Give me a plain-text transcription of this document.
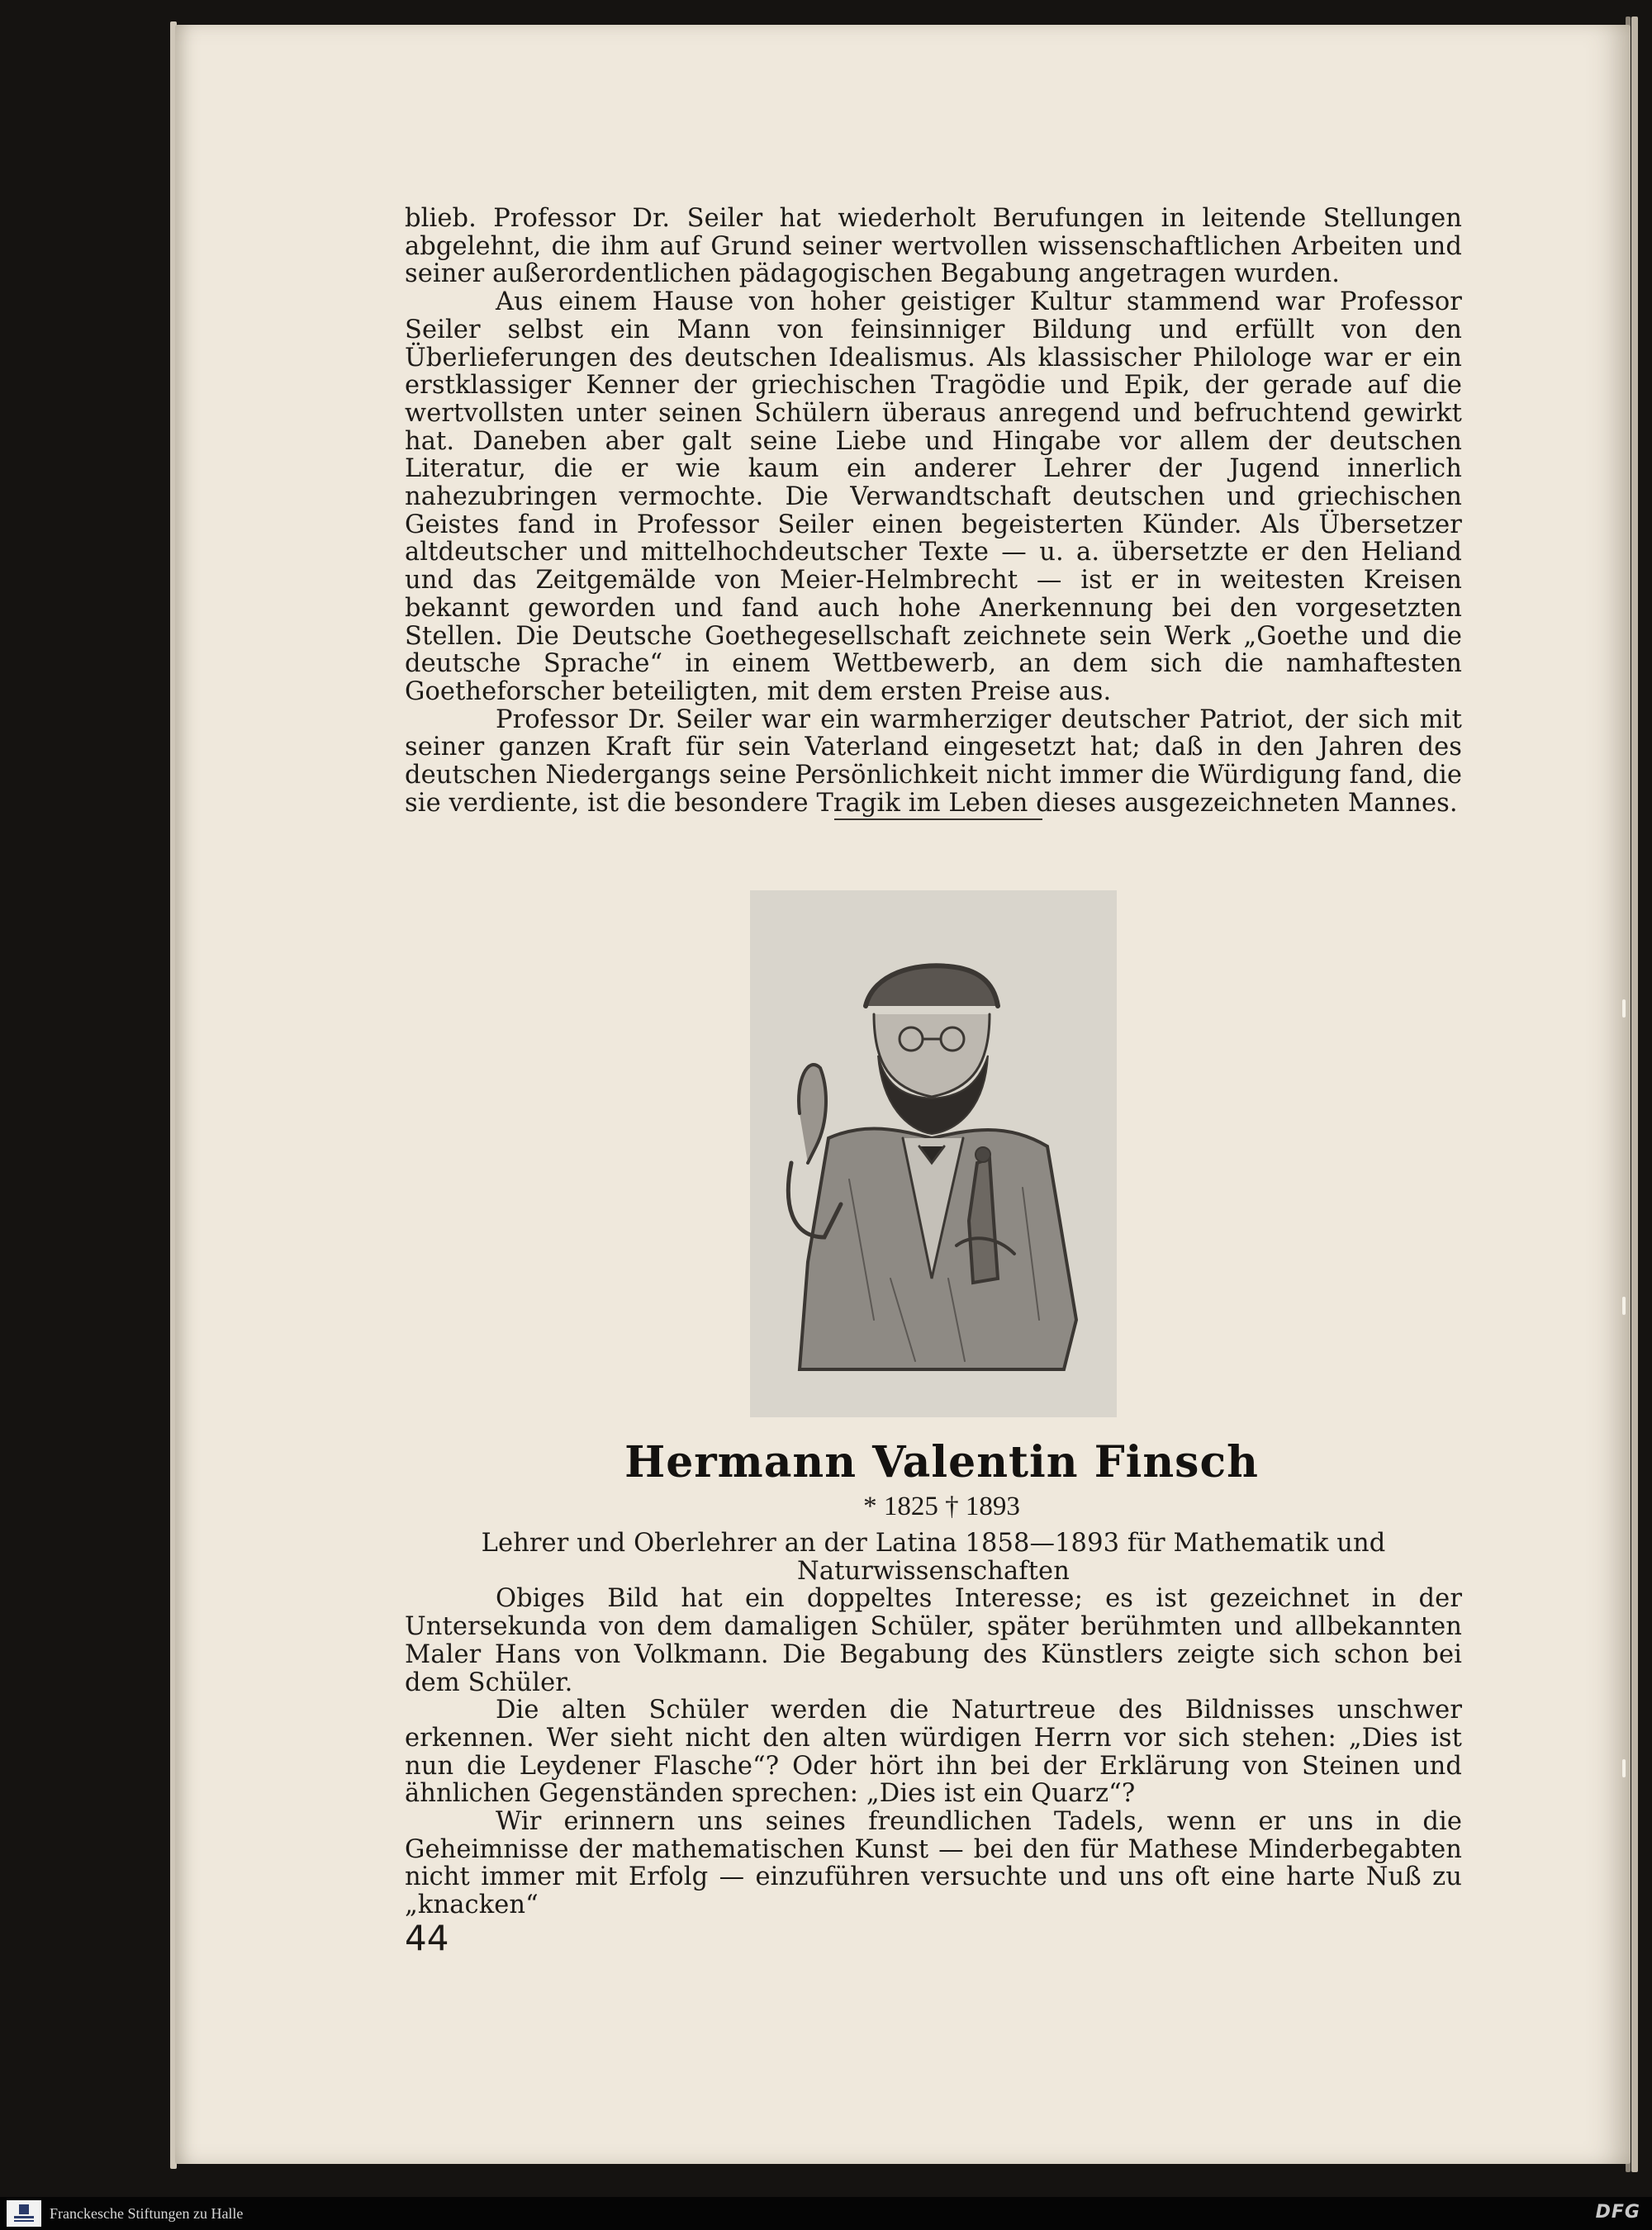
blieb. Professor Dr. Seiler hat wiederholt Berufungen in leitende Stellungen abgelehnt, die ihm auf Grund seiner wertvollen wissenschaftlichen Arbeiten und seiner außerordentlichen pädagogischen Begabung angetragen wurden.

Aus einem Hause von hoher geistiger Kultur stammend war Professor Seiler selbst ein Mann von feinsinniger Bildung und erfüllt von den Überlieferungen des deutschen Idealismus. Als klassischer Philologe war er ein erstklassiger Kenner der griechischen Tragödie und Epik, der gerade auf die wertvollsten unter seinen Schülern überaus anregend und befruchtend gewirkt hat. Daneben aber galt seine Liebe und Hingabe vor allem der deutschen Literatur, die er wie kaum ein anderer Lehrer der Jugend innerlich nahezubringen vermochte. Die Verwandtschaft deutschen und griechischen Geistes fand in Professor Seiler einen begeisterten Künder. Als Übersetzer altdeutscher und mittelhochdeutscher Texte — u. a. übersetzte er den Heliand und das Zeitgemälde von Meier-Helmbrecht — ist er in weitesten Kreisen bekannt geworden und fand auch hohe Anerkennung bei den vorgesetzten Stellen. Die Deutsche Goethegesellschaft zeichnete sein Werk „Goethe und die deutsche Sprache“ in einem Wettbewerb, an dem sich die namhaftesten Goetheforscher beteiligten, mit dem ersten Preise aus.

Professor Dr. Seiler war ein warmherziger deutscher Patriot, der sich mit seiner ganzen Kraft für sein Vaterland eingesetzt hat; daß in den Jahren des deutschen Niedergangs seine Persönlichkeit nicht immer die Würdigung fand, die sie verdiente, ist die besondere Tragik im Leben dieses ausgezeichneten Mannes.

Hermann Valentin Finsch
* 1825 † 1893

Lehrer und Oberlehrer an der Latina 1858—1893 für Mathematik und Naturwissenschaften

Obiges Bild hat ein doppeltes Interesse; es ist gezeichnet in der Untersekunda von dem damaligen Schüler, später berühmten und allbekannten Maler Hans von Volkmann. Die Begabung des Künstlers zeigte sich schon bei dem Schüler.

Die alten Schüler werden die Naturtreue des Bildnisses unschwer erkennen. Wer sieht nicht den alten würdigen Herrn vor sich stehen: „Dies ist nun die Leydener Flasche“? Oder hört ihn bei der Erklärung von Steinen und ähnlichen Gegenständen sprechen: „Dies ist ein Quarz“?

Wir erinnern uns seines freundlichen Tadels, wenn er uns in die Geheimnisse der mathematischen Kunst — bei den für Mathese Minderbegabten nicht immer mit Erfolg — einzuführen versuchte und uns oft eine harte Nuß zu „knacken“

44
Franckesche Stiftungen zu Halle	DFG
